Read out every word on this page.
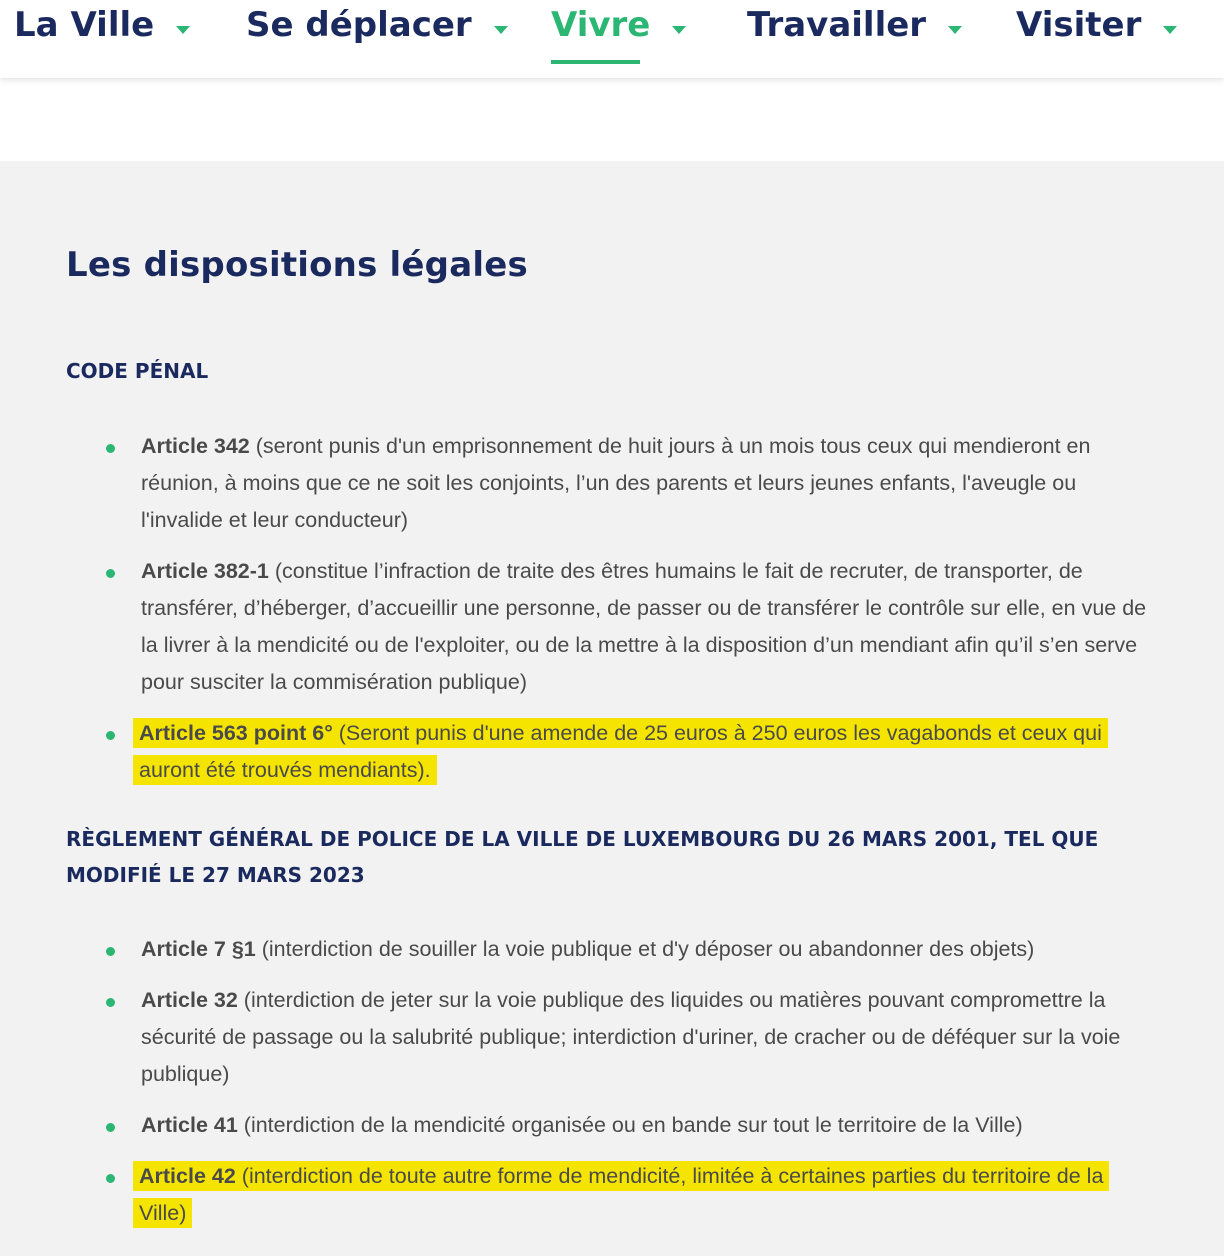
La Ville	Se déplacer Vivre	Travailler	Visiter
Les dispositions légales
CODE PÉNAL
Article 342 (seront punis d'un emprisonnement de huit jours à un mois tous ceux qui mendieront en réunion, à moins que ce ne soit les conjoints, l’un des parents et leurs jeunes enfants, l'aveugle ou l'invalide et leur conducteur)
Article 382-1 (constitue l’infraction de traite des êtres humains le fait de recruter, de transporter, de transférer, d’héberger, d’accueillir une personne, de passer ou de transférer le contrôle sur elle, en vue de la livrer à la mendicité ou de l'exploiter, ou de la mettre à la disposition d’un mendiant afin qu’il s’en serve pour susciter la commisération publique)
Article 563 point 6° (Seront punis d'une amende de 25 euros à 250 euros les vagabonds et ceux qui auront été trouvés mendiants).
RÈGLEMENT GÉNÉRAL DE POLICE DE LA VILLE DE LUXEMBOURG DU 26 MARS 2001, TEL QUE MODIFIÉ LE 27 MARS 2023
Article 7 §1 (interdiction de souiller la voie publique et d'y déposer ou abandonner des objets)
Article 32 (interdiction de jeter sur la voie publique des liquides ou matières pouvant compromettre la sécurité de passage ou la salubrité publique; interdiction d'uriner, de cracher ou de déféquer sur la voie publique)
Article 41 (interdiction de la mendicité organisée ou en bande sur tout le territoire de la Ville)
Article 42 (interdiction de toute autre forme de mendicité, limitée à certaines parties du territoire de la Ville)
